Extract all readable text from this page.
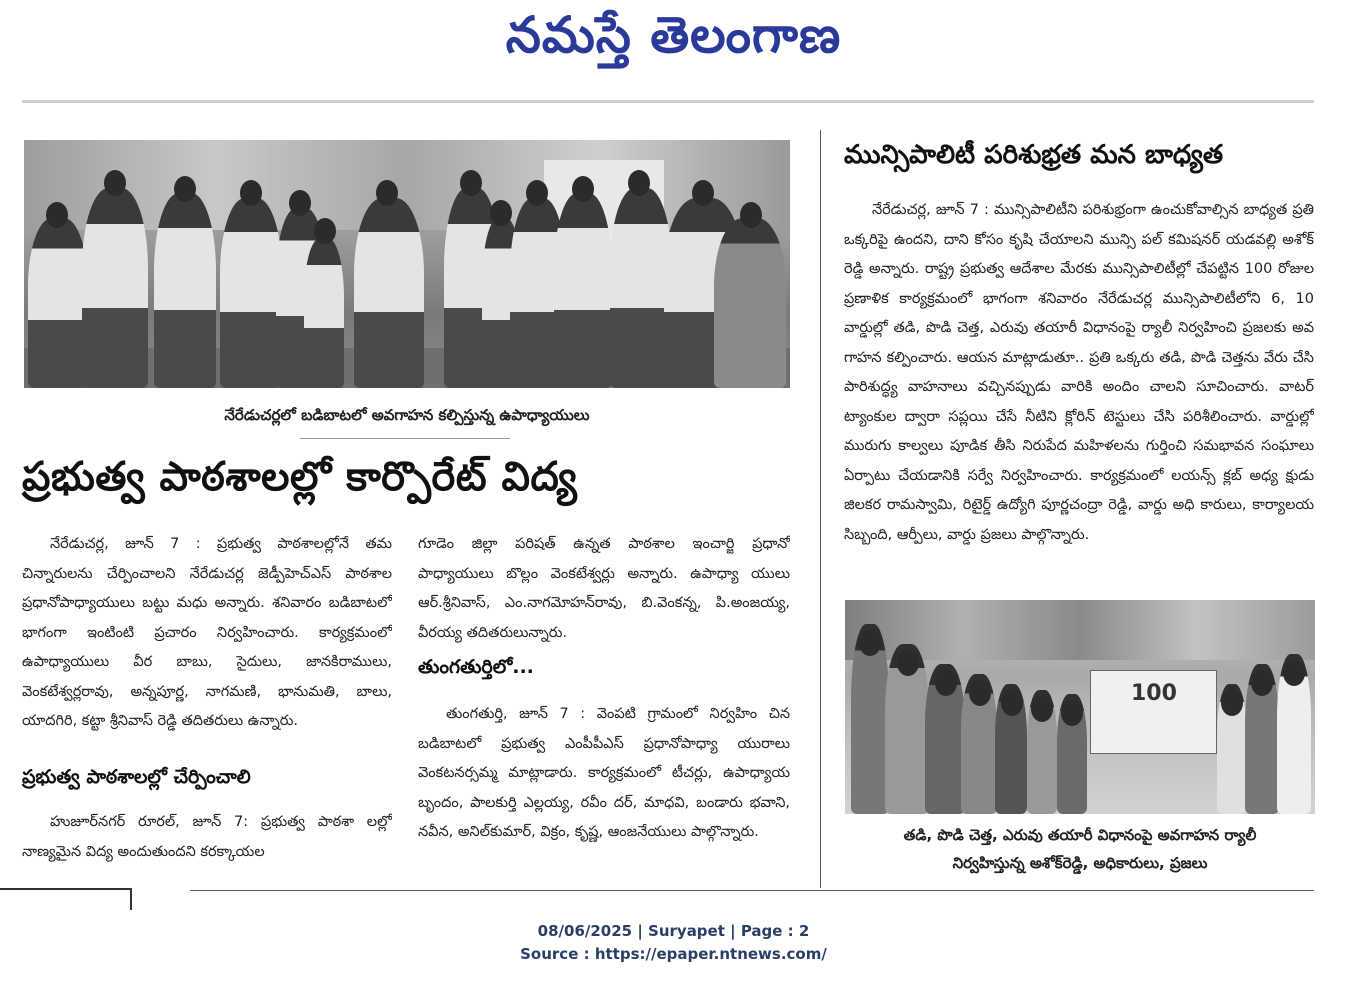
నమస్తే తెలంగాణ
నేరేడుచర్లలో బడిబాటలో అవగాహన కల్పిస్తున్న ఉపాధ్యాయులు
ప్రభుత్వ పాఠశాలల్లో కార్పొరేట్ విద్య

నేరేడుచర్ల, జూన్ 7 : ప్రభుత్వ పాఠశాలల్లోనే తమ చిన్నారులను చేర్పించాలని నేరేడుచర్ల జెడ్పీహెచ్ఎస్ పాఠశాల ప్రధానోపాధ్యాయులు బట్టు మధు అన్నారు. శనివారం బడిబాటలో భాగంగా ఇంటింటి ప్రచారం నిర్వహించారు. కార్యక్రమంలో ఉపాధ్యాయులు వీర బాబు, సైదులు, జానకిరాములు, వెంకటేశ్వర్లరావు, అన్నపూర్ణ, నాగమణి, భానుమతి, బాలు, యాదగిరి, కట్టా శ్రీనివాస్ రెడ్డి తదితరులు ఉన్నారు.

ప్రభుత్వ పాఠశాలల్లో చేర్పించాలి

హుజూర్‌నగర్ రూరల్, జూన్ 7: ప్రభుత్వ పాఠశా లల్లో నాణ్యమైన విద్య అందుతుందని కరక్కాయల

గూడెం జిల్లా పరిషత్ ఉన్నత పాఠశాల ఇంచార్జి ప్రధానో పాధ్యాయులు బొల్లం వెంకటేశ్వర్లు అన్నారు. ఉపాధ్యా యులు ఆర్.శ్రీనివాస్, ఎం.నాగమోహన్‌రావు, బి.వెంకన్న, పి.అంజయ్య, వీరయ్య తదితరులున్నారు.

తుంగతుర్తిలో...

తుంగతుర్తి, జూన్ 7 : వెంపటి గ్రామంలో నిర్వహిం చిన బడిబాటలో ప్రభుత్వ ఎంపీపీఎస్ ప్రధానోపాధ్యా యురాలు వెంకటనర్సమ్మ మాట్లాడారు. కార్యక్రమంలో టీచర్లు, ఉపాధ్యాయ బృందం, పాలకుర్తి ఎల్లయ్య, రవీం దర్, మాధవి, బండారు భవాని, నవీన, అనిల్‌కుమార్, విక్రం, కృష్ణ, ఆంజనేయులు పాల్గొన్నారు.

మున్సిపాలిటీ పరిశుభ్రత మన బాధ్యత

నేరేడుచర్ల, జూన్ 7 : మున్సిపాలిటీని పరిశుభ్రంగా ఉంచుకోవాల్సిన బాధ్యత ప్రతి ఒక్కరిపై ఉందని, దాని కోసం కృషి చేయాలని మున్సి పల్ కమిషనర్ యడవల్లి అశోక్ రెడ్డి అన్నారు. రాష్ట్ర ప్రభుత్వ ఆదేశాల మేరకు మున్సిపాలిటీల్లో చేపట్టిన 100 రోజుల ప్రణాళిక కార్యక్రమంలో భాగంగా శనివారం నేరేడుచర్ల మున్సిపాలిటీలోని 6, 10 వార్డుల్లో తడి, పొడి చెత్త, ఎరువు తయారీ విధానంపై ర్యాలీ నిర్వహించి ప్రజలకు అవ గాహన కల్పించారు. ఆయన మాట్లాడుతూ.. ప్రతి ఒక్కరు తడి, పొడి చెత్తను వేరు చేసి పారిశుద్ధ్య వాహనాలు వచ్చినప్పుడు వారికి అందిం చాలని సూచించారు. వాటర్ ట్యాంకుల ద్వారా సప్లయి చేసే నీటిని క్లోరిన్ టెస్టులు చేసి పరిశీలించారు. వార్డుల్లో మురుగు కాల్వలు పూడిక తీసి నిరుపేద మహిళలను గుర్తించి సమభావన సంఘాలు ఏర్పాటు చేయడానికి సర్వే నిర్వహించారు. కార్యక్రమంలో లయన్స్ క్లబ్ అధ్య క్షుడు జిలకర రామస్వామి, రిటైర్డ్ ఉద్యోగి పూర్ణచంద్రా రెడ్డి, వార్డు అధి కారులు, కార్యాలయ సిబ్బంది, ఆర్పీలు, వార్డు ప్రజలు పాల్గొన్నారు.

100
తడి, పొడి చెత్త, ఎరువు తయారీ విధానంపై అవగాహన ర్యాలీ
నిర్వహిస్తున్న అశోక్‌రెడ్డి, అధికారులు, ప్రజలు
08/06/2025 | Suryapet | Page : 2
Source : https://epaper.ntnews.com/
